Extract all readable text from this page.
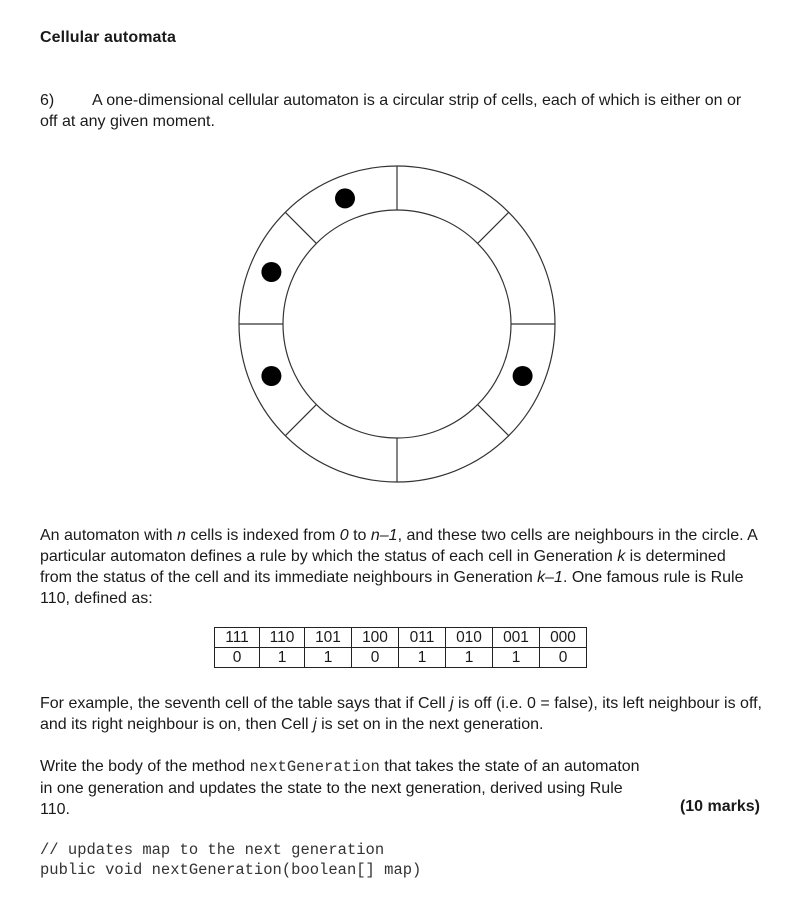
Cellular automata
6) A one-dimensional cellular automaton is a circular strip of cells, each of which is either on or off at any given moment.
An automaton with n cells is indexed from 0 to n–1, and these two cells are neighbours in the circle. A particular automaton defines a rule by which the status of each cell in Generation k is determined from the status of the cell and its immediate neighbours in Generation k–1. One famous rule is Rule 110, defined as:
111	110	101	100	011	010	001	000
0	1	1	0	1	1	1	0
For example, the seventh cell of the table says that if Cell j is off (i.e. 0 = false), its left neighbour is off, and its right neighbour is on, then Cell j is set on in the next generation.
Write the body of the method nextGeneration that takes the state of an automaton in one generation and updates the state to the next generation, derived using Rule 110.	(10 marks)
// updates map to the next generation
public void nextGeneration(boolean[] map)
